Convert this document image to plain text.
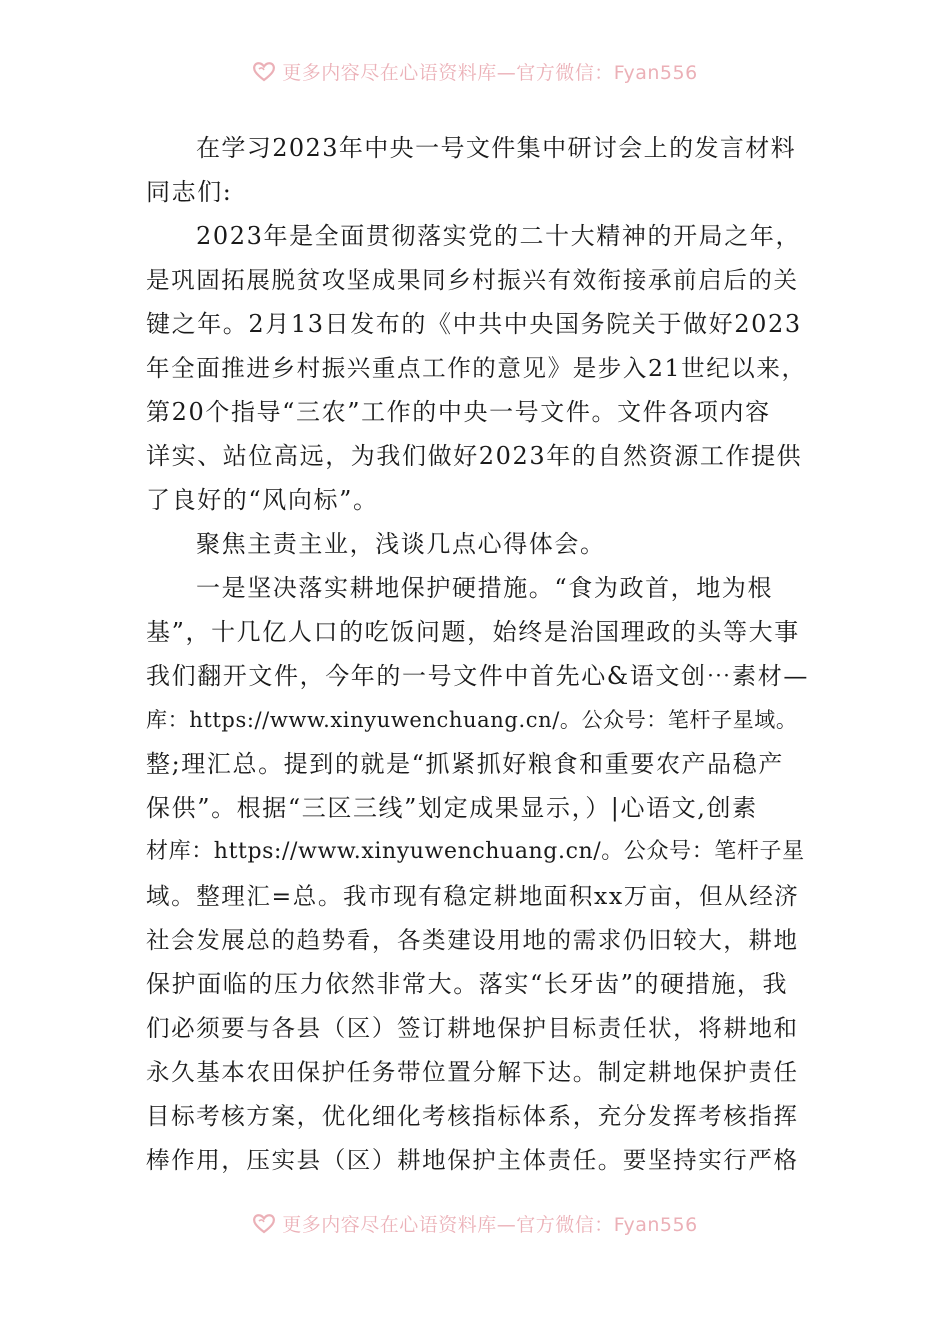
更多内容尽在心语资料库—官方微信：Fyan556
在学习2023年中央一号文件集中研讨会上的发言材料
同志们:
2023年是全面贯彻落实党的二十大精神的开局之年，
是巩固拓展脱贫攻坚成果同乡村振兴有效衔接承前启后的关
键之年。2月13日发布的《中共中央国务院关于做好2023
年全面推进乡村振兴重点工作的意见》是步入21世纪以来，
第20个指导“三农”工作的中央一号文件。文件各项内容
详实、站位高远，为我们做好2023年的自然资源工作提供
了良好的“风向标”。
聚焦主责主业，浅谈几点心得体会。
一是坚决落实耕地保护硬措施。“食为政首，地为根
基”，十几亿人口的吃饭问题，始终是治国理政的头等大事
我们翻开文件，今年的一号文件中首先心&语文创⋯素材—
库：https://www.xinyuwenchuang.cn/。公众号：笔杆子星域。
整;理汇总。提到的就是“抓紧抓好粮食和重要农产品稳产
保供”。根据“三区三线”划定成果显示，）|心语文,创素
材库：https://www.xinyuwenchuang.cn/。公众号：笔杆子星
域。整理汇=总。我市现有稳定耕地面积xx万亩，但从经济
社会发展总的趋势看，各类建设用地的需求仍旧较大，耕地
保护面临的压力依然非常大。落实“长牙齿”的硬措施，我
们必须要与各县（区）签订耕地保护目标责任状，将耕地和
永久基本农田保护任务带位置分解下达。制定耕地保护责任
目标考核方案，优化细化考核指标体系，充分发挥考核指挥
棒作用，压实县（区）耕地保护主体责任。要坚持实行严格
更多内容尽在心语资料库—官方微信：Fyan556
